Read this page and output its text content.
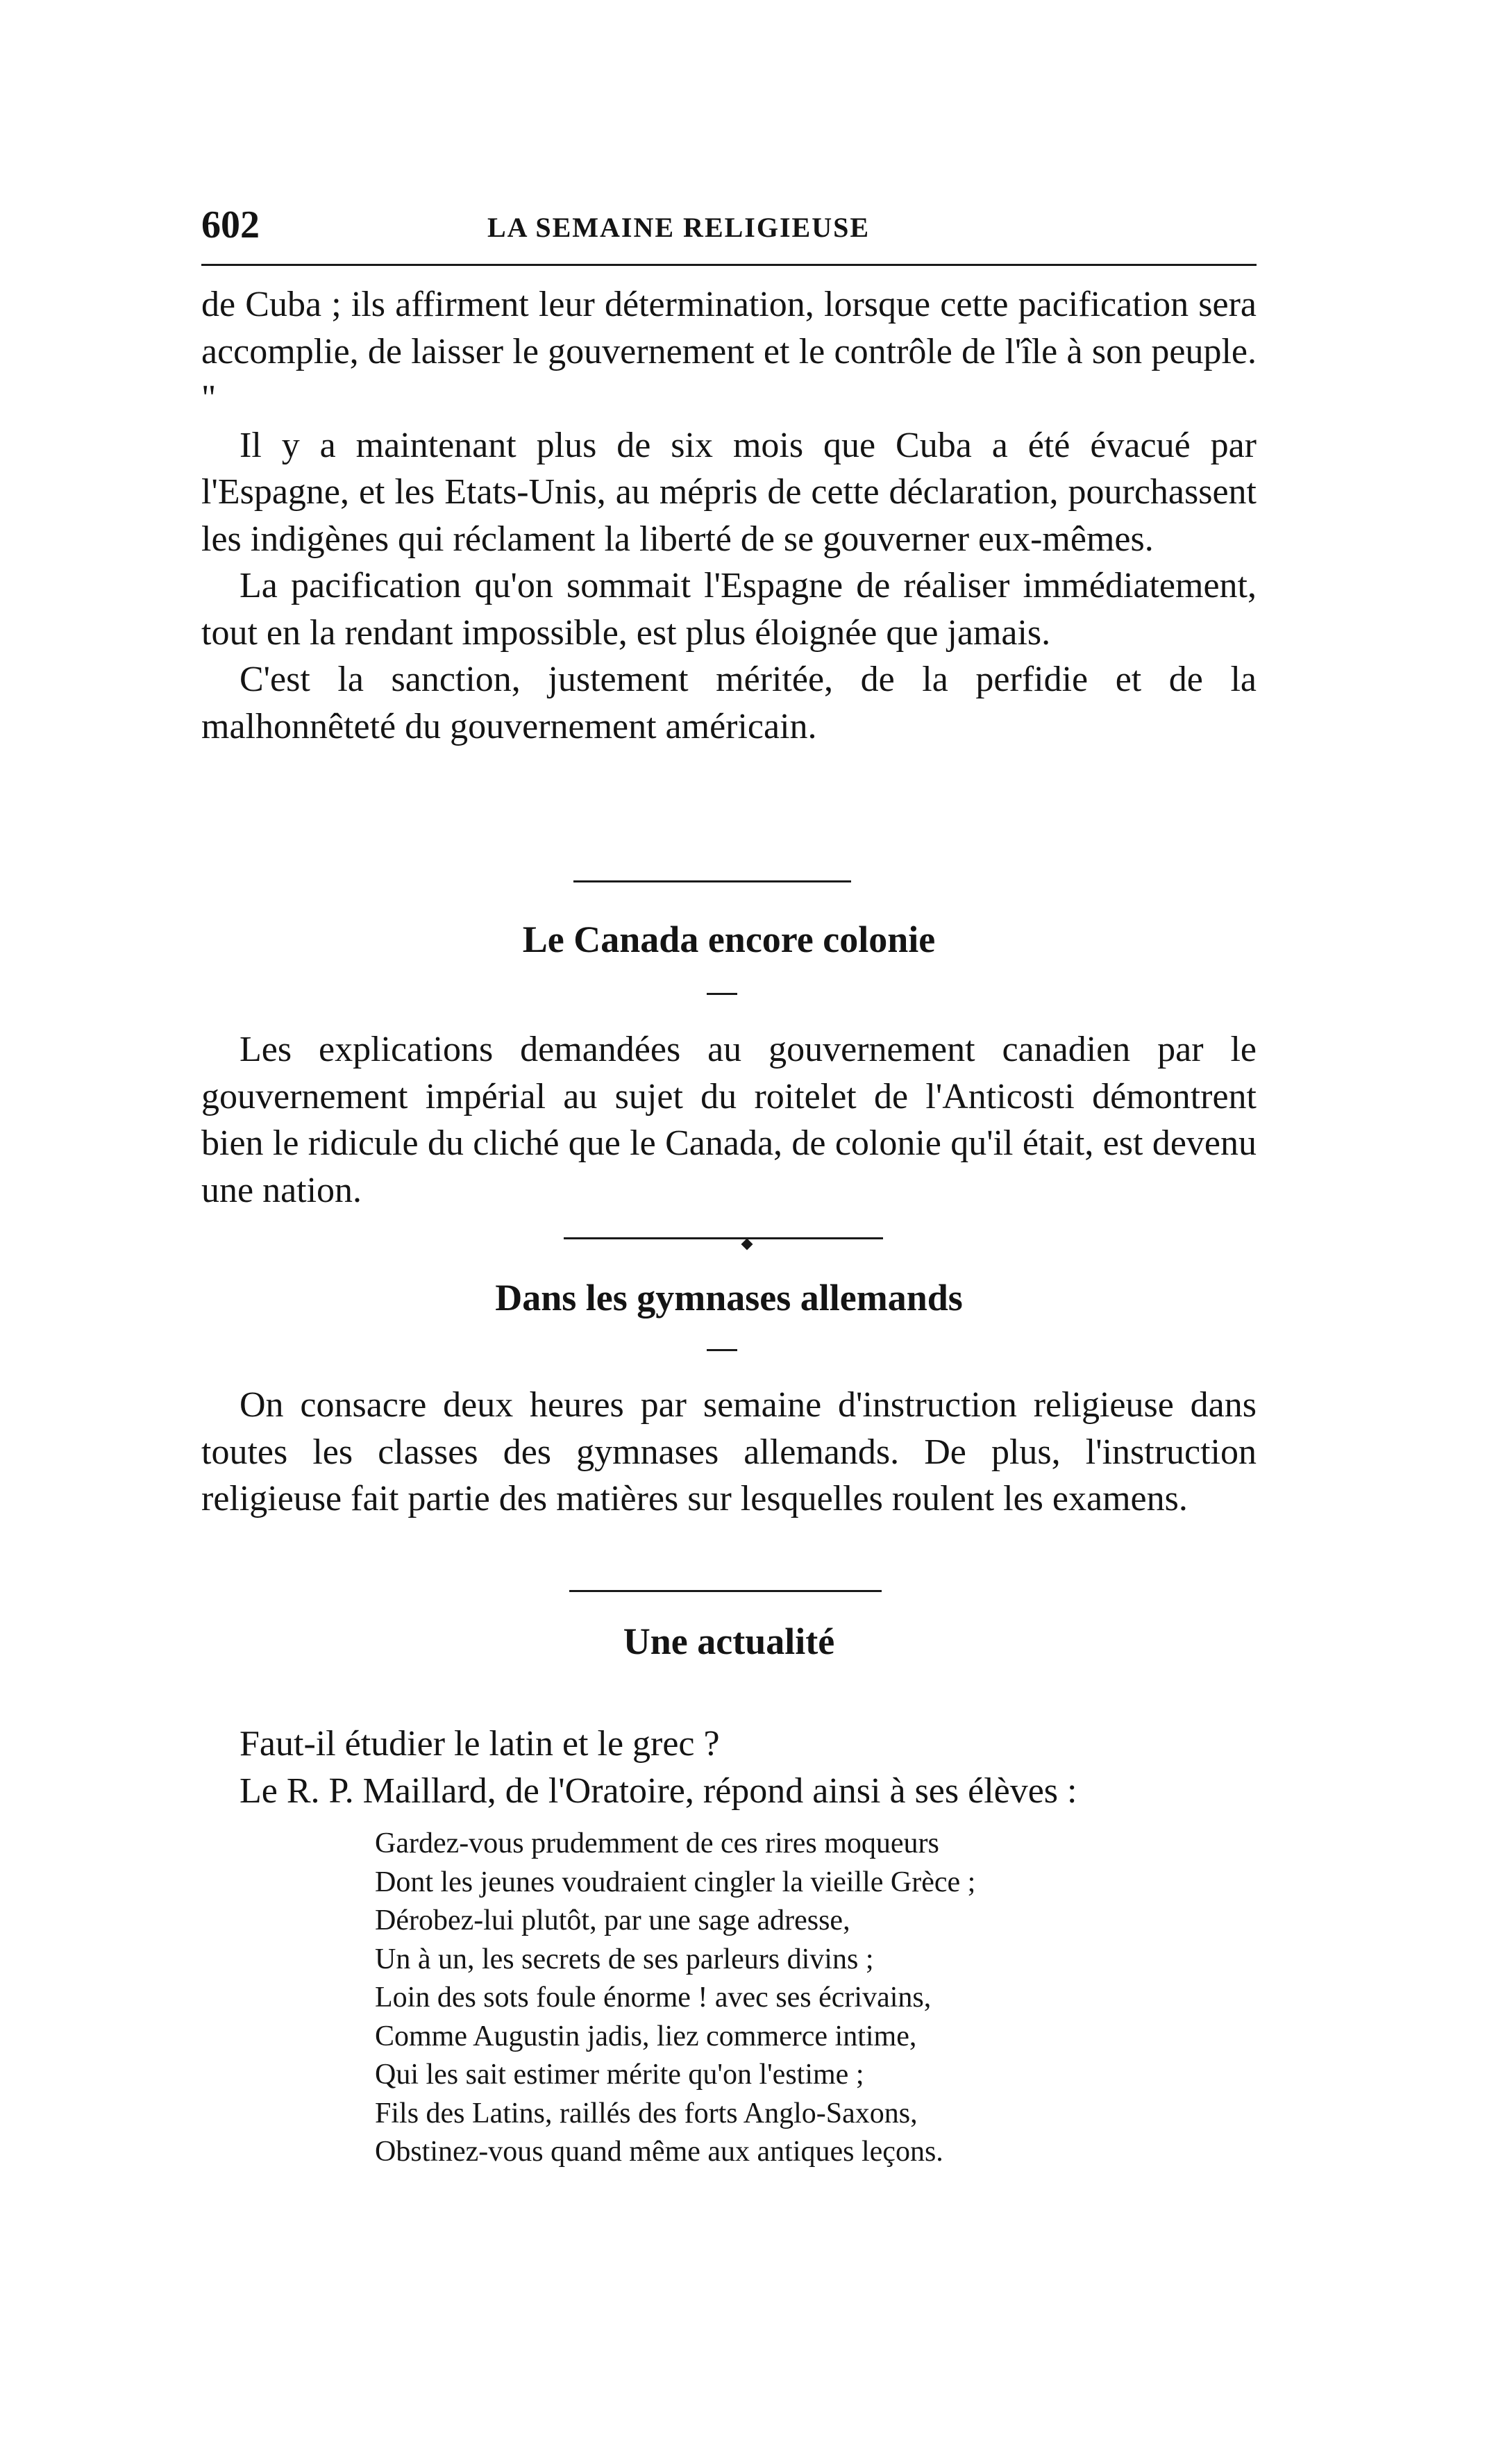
602	LA SEMAINE RELIGIEUSE

de Cuba ; ils affirment leur détermination, lorsque cette pacification sera accomplie, de laisser le gouvernement et le contrôle de l'île à son peuple. "

Il y a maintenant plus de six mois que Cuba a été évacué par l'Espagne, et les Etats-Unis, au mépris de cette déclaration, pourchassent les indigènes qui réclament la liberté de se gouverner eux-mêmes.

La pacification qu'on sommait l'Espagne de réaliser immédiatement, tout en la rendant impossible, est plus éloignée que jamais.

C'est la sanction, justement méritée, de la perfidie et de la malhonnêteté du gouvernement américain.

Le Canada encore colonie

Les explications demandées au gouvernement canadien par le gouvernement impérial au sujet du roitelet de l'Anticosti démontrent bien le ridicule du cliché que le Canada, de colonie qu'il était, est devenu une nation.

Dans les gymnases allemands

On consacre deux heures par semaine d'instruction religieuse dans toutes les classes des gymnases allemands. De plus, l'instruction religieuse fait partie des matières sur lesquelles roulent les examens.

Une actualité

Faut-il étudier le latin et le grec ?

Le R. P. Maillard, de l'Oratoire, répond ainsi à ses élèves :

Gardez-vous prudemment de ces rires moqueurs
Dont les jeunes voudraient cingler la vieille Grèce ;
Dérobez-lui plutôt, par une sage adresse,
Un à un, les secrets de ses parleurs divins ;
Loin des sots foule énorme ! avec ses écrivains,
Comme Augustin jadis, liez commerce intime,
Qui les sait estimer mérite qu'on l'estime ;
Fils des Latins, raillés des forts Anglo-Saxons,
Obstinez-vous quand même aux antiques leçons.
